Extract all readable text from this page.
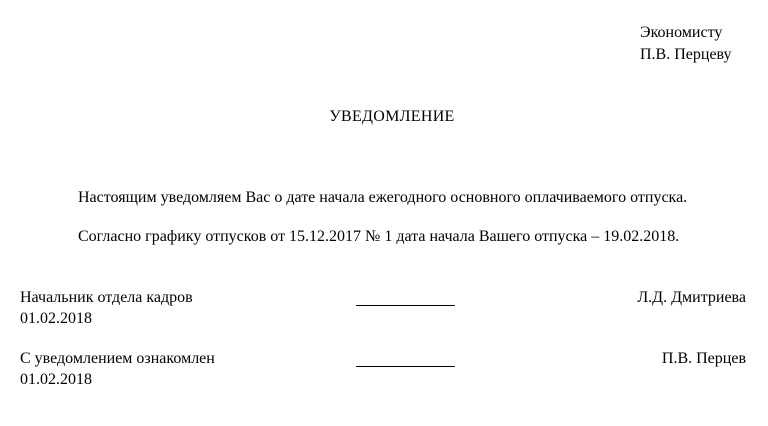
Экономисту
П.В. Перцеву
УВЕДОМЛЕНИЕ
Настоящим уведомляем Вас о дате начала ежегодного основного оплачиваемого отпуска.
Согласно графику отпусков от 15.12.2017 № 1 дата начала Вашего отпуска – 19.02.2018.
Начальник отдела кадров
01.02.2018
Л.Д. Дмитриева
С уведомлением ознакомлен
01.02.2018
П.В. Перцев
